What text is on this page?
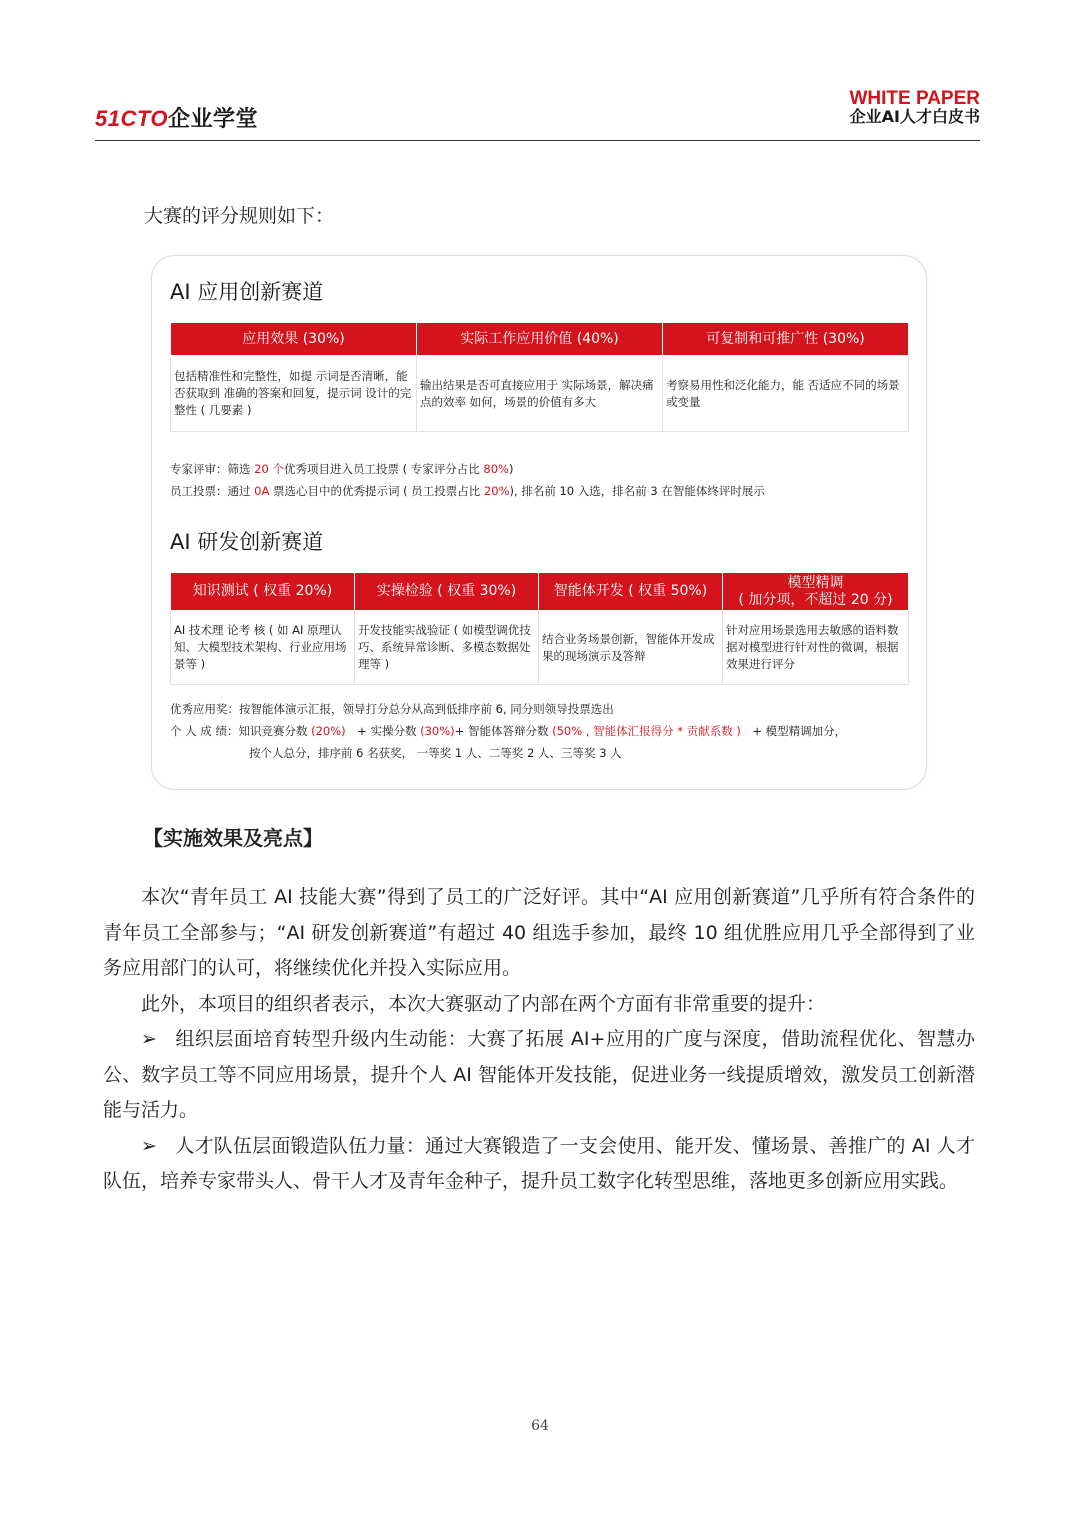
51CTO企业学堂
WHITE PAPER
企业AI人才白皮书
大赛的评分规则如下：
AI 应用创新赛道
应用效果 (30%)	实际工作应用价值 (40%)	可复制和可推广性 (30%)
包括精准性和完整性，如提 示词是否清晰，能否获取到 准确的答案和回复，提示词 设计的完整性 ( 几要素 )	输出结果是否可直接应用于 实际场景，解决痛点的效率 如何，场景的价值有多大	考察易用性和泛化能力，能 否适应不同的场景或变量
专家评审：筛选 20 个优秀项目进入员工投票 ( 专家评分占比 80%)
员工投票：通过 0A 票选心目中的优秀提示词 ( 员工投票占比 20%), 排名前 10 入选，排名前 3 在智能体终评时展示
AI 研发创新赛道
知识测试 ( 权重 20%)	实操检验 ( 权重 30%)	智能体开发 ( 权重 50%)	模型精调
( 加分项，不超过 20 分)

AI 技术理 论考 核 ( 如 AI 原理认知、大模型技术架构、行业应用场景等 )	开发技能实战验证 ( 如模型调优技巧、系统异常诊断、多模态数据处理等 )	结合业务场景创新，智能体开发成果的现场演示及答辩	针对应用场景选用去敏感的语料数据对模型进行针对性的微调，根据效果进行评分
优秀应用奖：按智能体演示汇报，领导打分总分从高到低排序前 6, 同分则领导投票选出
个 人 成 绩：知识竞赛分数 (20%)　+ 实操分数 (30%)+ 智能体答辩分数 (50% , 智能体汇报得分 * 贡献系数 )　+ 模型精调加分，
按个人总分，排序前 6 名获奖， 一等奖 1 人、二等奖 2 人、三等奖 3 人
【实施效果及亮点】

本次“青年员工 AI 技能大赛”得到了员工的广泛好评。其中“AI 应用创新赛道”几乎所有符合条件的青年员工全部参与；“AI 研发创新赛道”有超过 40 组选手参加，最终 10 组优胜应用几乎全部得到了业务应用部门的认可，将继续优化并投入实际应用。

此外，本项目的组织者表示，本次大赛驱动了内部在两个方面有非常重要的提升：

➢ 组织层面培育转型升级内生动能：大赛了拓展 AI+应用的广度与深度，借助流程优化、智慧办公、数字员工等不同应用场景，提升个人 AI 智能体开发技能，促进业务一线提质增效，激发员工创新潜能与活力。

➢ 人才队伍层面锻造队伍力量：通过大赛锻造了一支会使用、能开发、懂场景、善推广的 AI 人才队伍，培养专家带头人、骨干人才及青年金种子，提升员工数字化转型思维，落地更多创新应用实践。

64
